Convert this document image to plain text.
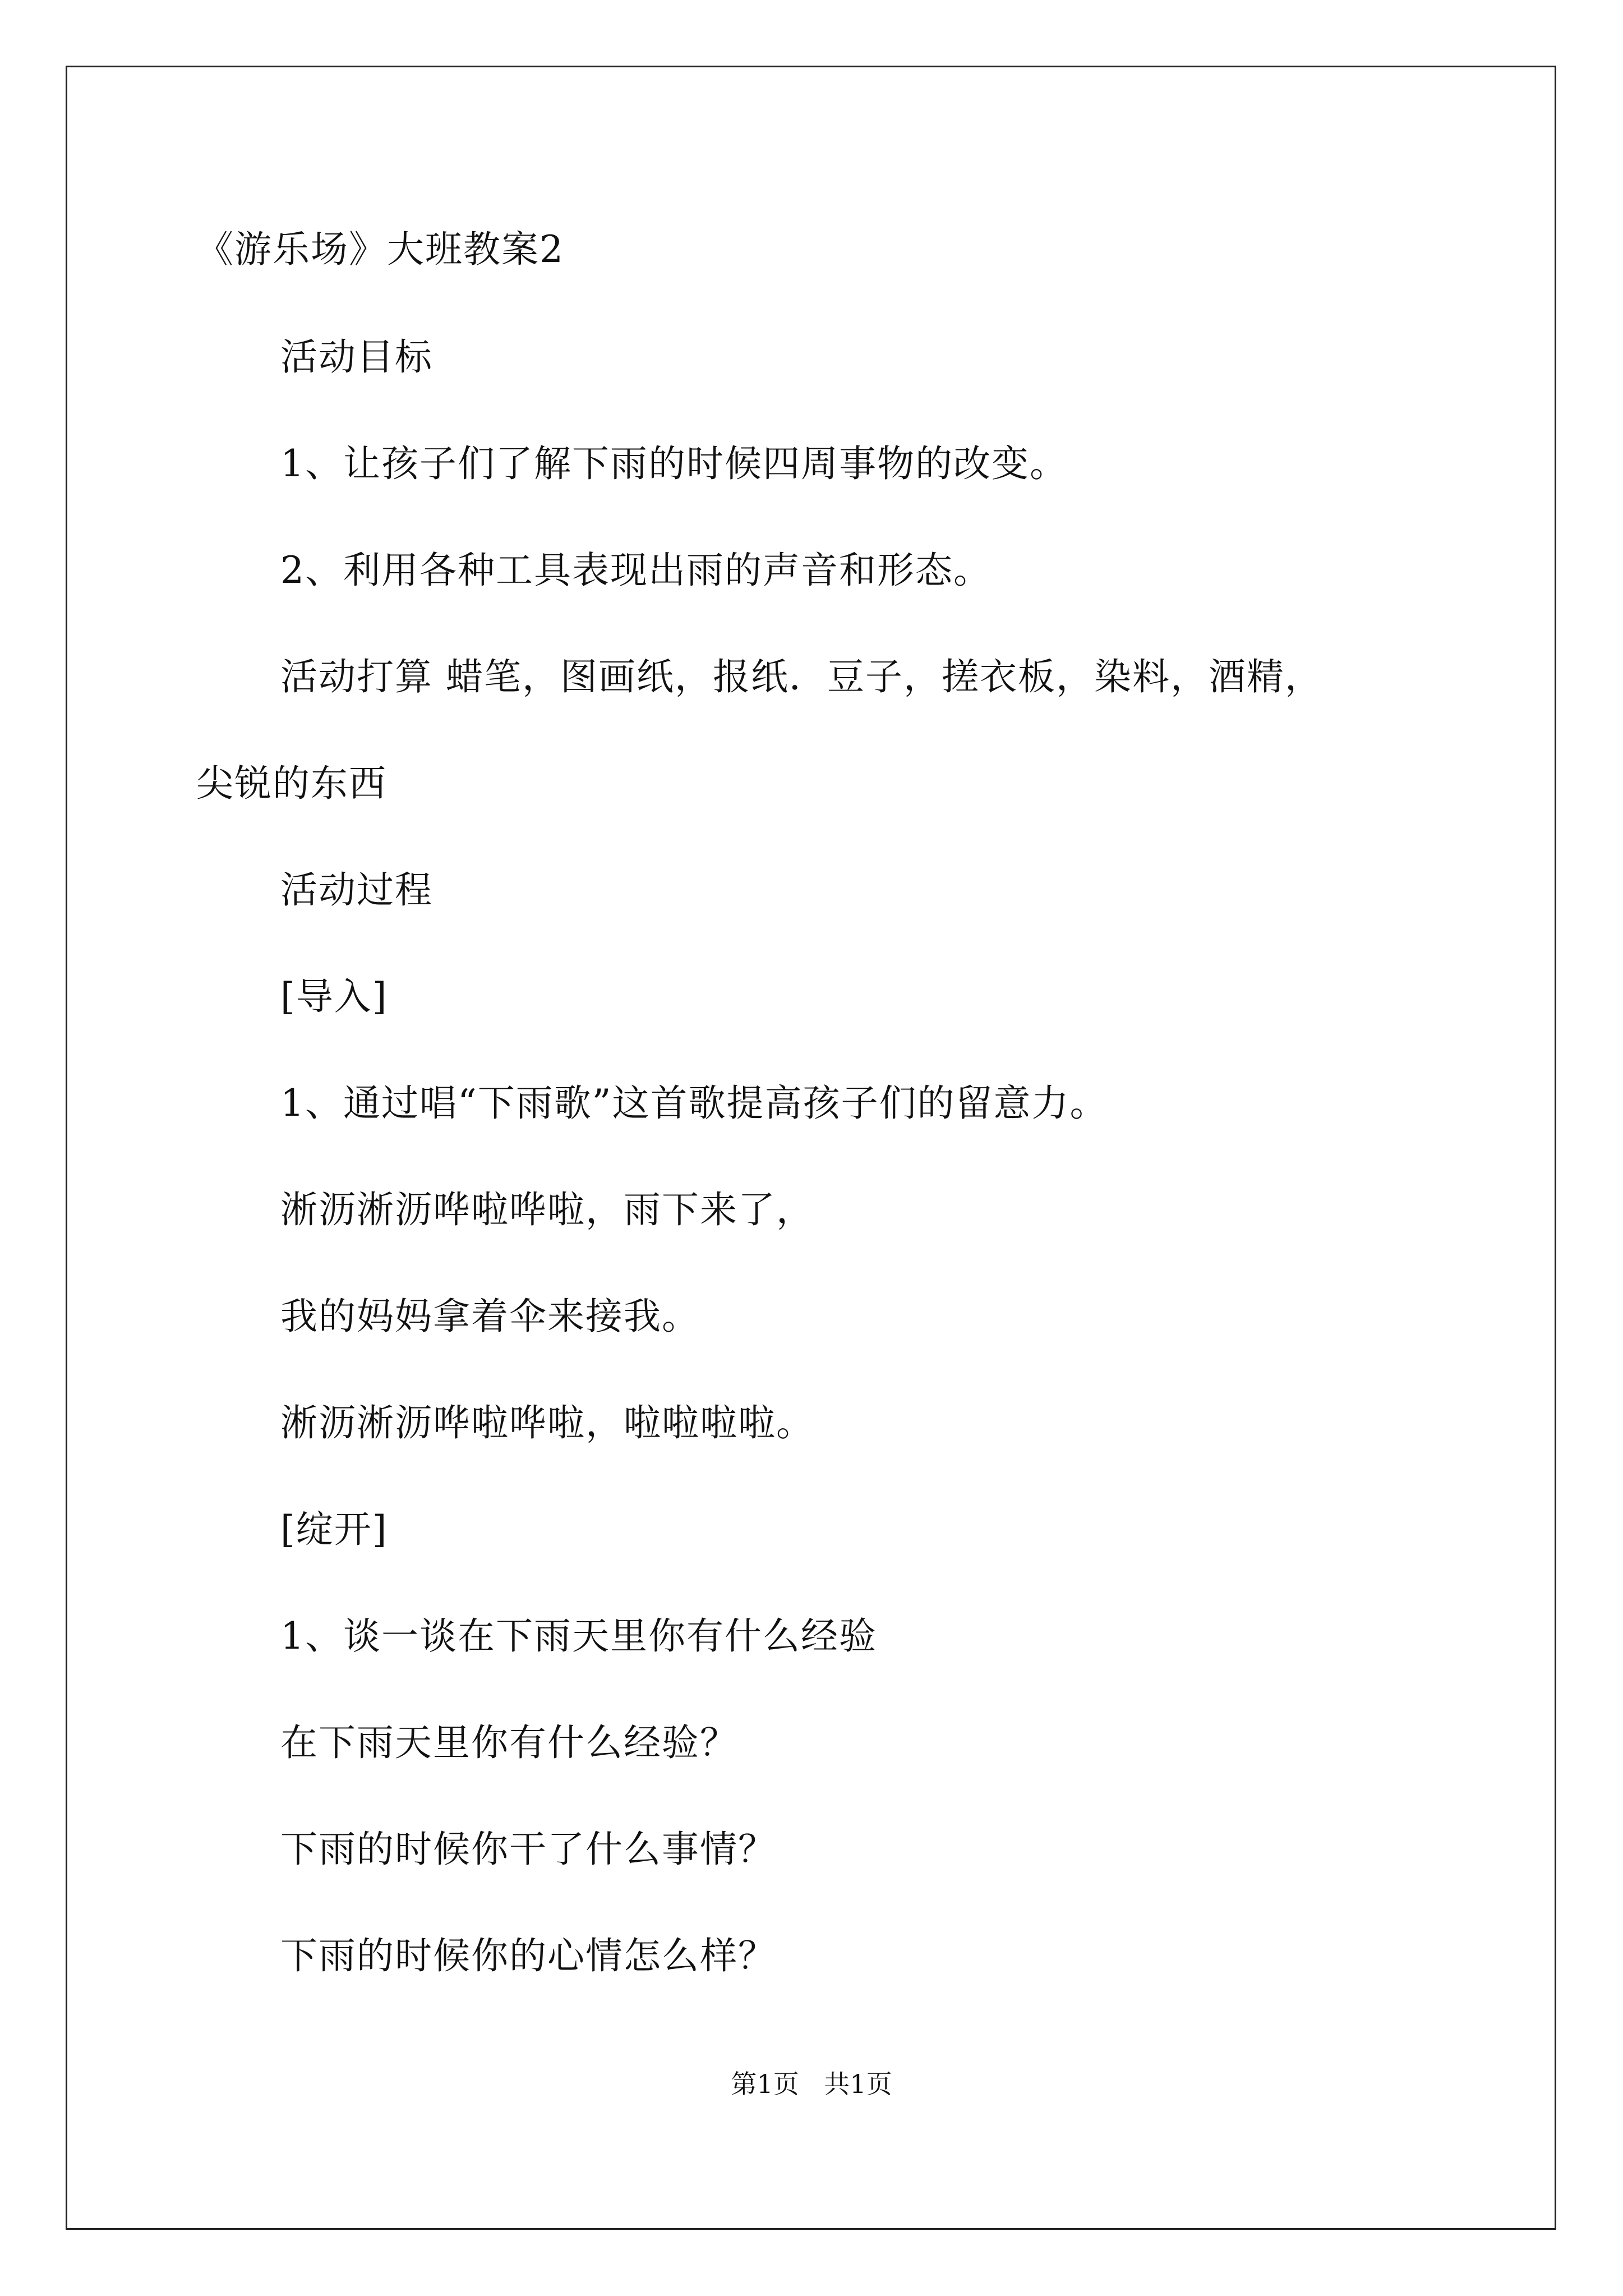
《游乐场》大班教案2
活动目标
1、让孩子们了解下雨的时候四周事物的改变。
2、利用各种工具表现出雨的声音和形态。
活动打算 蜡笔，图画纸，报纸．豆子，搓衣板，染料，酒精，
尖锐的东西
活动过程
[导入]
1、通过唱“下雨歌”这首歌提高孩子们的留意力。
淅沥淅沥哗啦哗啦，雨下来了，
我的妈妈拿着伞来接我。
淅沥淅沥哗啦哗啦，啦啦啦啦。
[绽开]
1、谈一谈在下雨天里你有什么经验
在下雨天里你有什么经验？
下雨的时候你干了什么事情？
下雨的时候你的心情怎么样？
第1页 共1页
